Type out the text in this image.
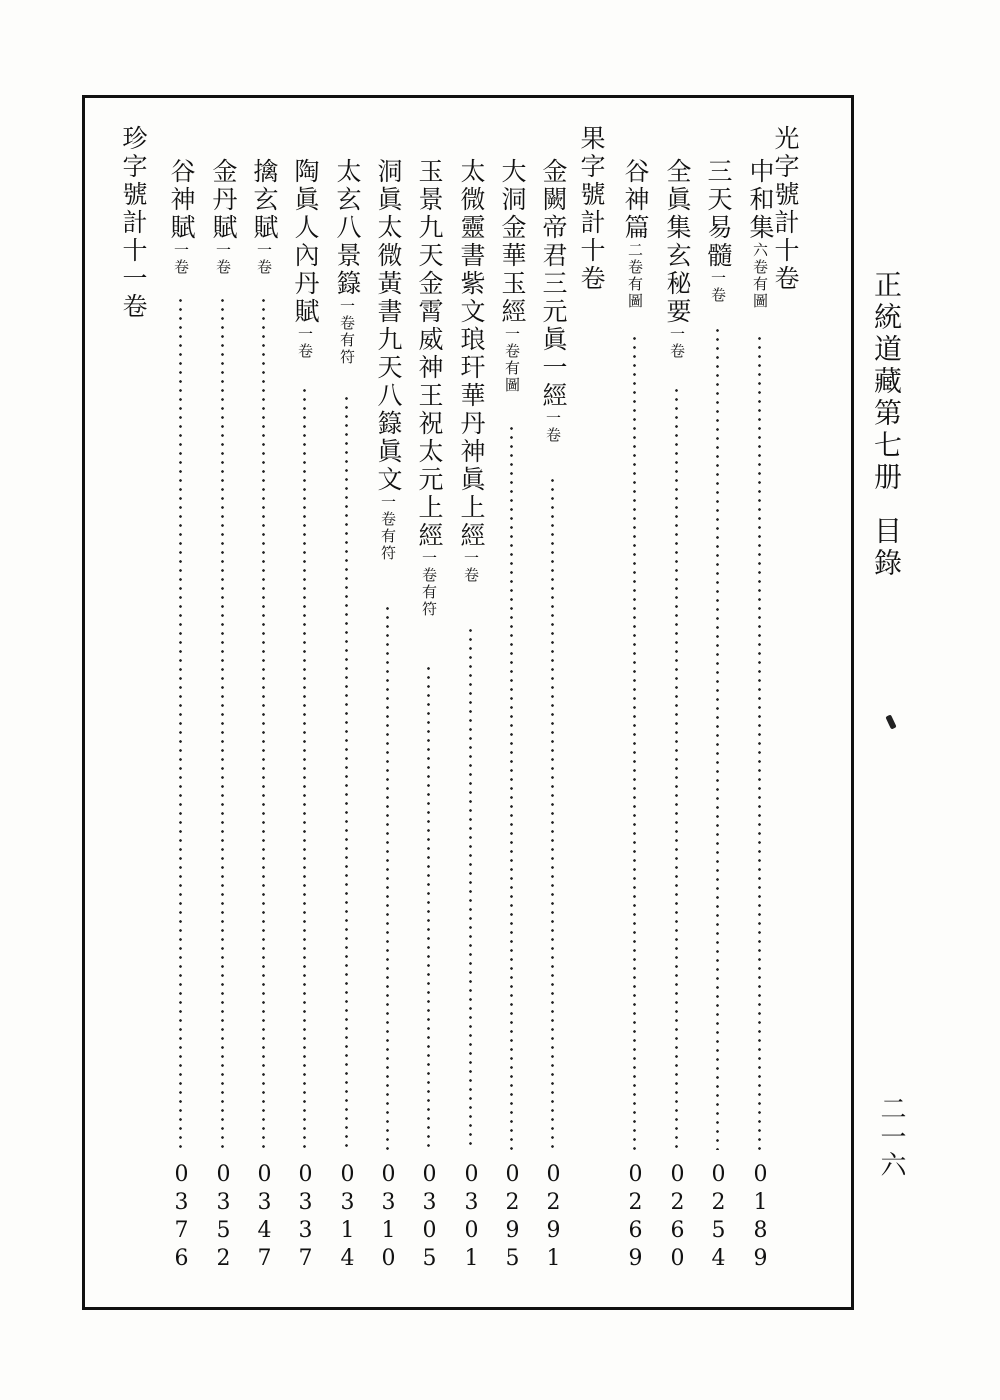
正統道藏第七册目錄
二一六
光字號計十卷
果字號計十卷
珍字號計十一卷	中和集六卷有圖
0189
三天易髓一卷
0254
全眞集玄秘要一卷
0260
谷神篇二卷有圖
0269
金闕帝君三元眞一經一卷
0291
大洞金華玉經一卷有圖
0295
太微靈書紫文琅玕華丹神眞上經一卷
0301
玉景九天金霄威神王祝太元上經一卷有符
0305
洞眞太微黃書九天八籙眞文一卷有符
0310
太玄八景籙一卷有符
0314
陶眞人內丹賦一卷
0337
擒玄賦一卷
0347
金丹賦一卷
0352
谷神賦一卷
0376
